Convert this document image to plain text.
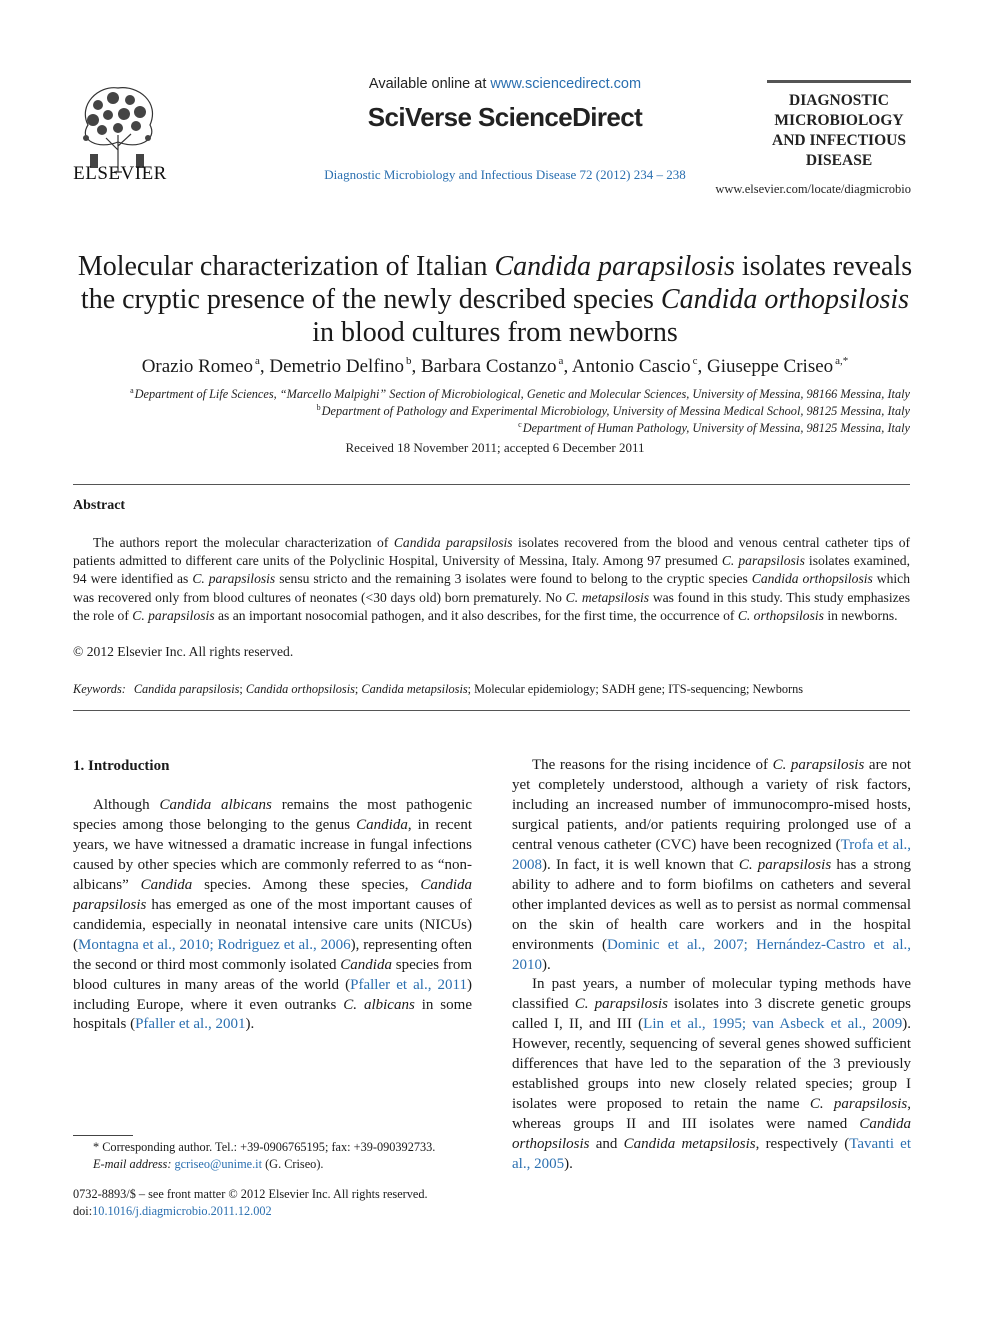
ELSEVIER
Available online at www.sciencedirect.com
SciVerse ScienceDirect
Diagnostic Microbiology and Infectious Disease 72 (2012) 234 – 238
DIAGNOSTIC
MICROBIOLOGY
AND INFECTIOUS
DISEASE
www.elsevier.com/locate/diagmicrobio
Molecular characterization of Italian Candida parapsilosis isolates reveals the cryptic presence of the newly described species Candida orthopsilosis in blood cultures from newborns
Orazio Romeo $^a$, Demetrio Delfino $^b$, Barbara Costanzo $^a$, Antonio Cascio $^c$, Giuseppe Criseo $^{a,*}$
$^a$Department of Life Sciences, “Marcello Malpighi” Section of Microbiological, Genetic and Molecular Sciences, University of Messina, 98166 Messina, Italy
$^b$Department of Pathology and Experimental Microbiology, University of Messina Medical School, 98125 Messina, Italy
$^c$Department of Human Pathology, University of Messina, 98125 Messina, Italy
Received 18 November 2011; accepted 6 December 2011
Abstract
The authors report the molecular characterization of Candida parapsilosis isolates recovered from the blood and venous central catheter tips of patients admitted to different care units of the Polyclinic Hospital, University of Messina, Italy. Among 97 presumed C. parapsilosis isolates examined, 94 were identified as C. parapsilosis sensu stricto and the remaining 3 isolates were found to belong to the cryptic species Candida orthopsilosis which was recovered only from blood cultures of neonates (<30 days old) born prematurely. No C. metapsilosis was found in this study. This study emphasizes the role of C. parapsilosis as an important nosocomial pathogen, and it also describes, for the first time, the occurrence of C. orthopsilosis in newborns.
© 2012 Elsevier Inc. All rights reserved.
Keywords: Candida parapsilosis; Candida orthopsilosis; Candida metapsilosis; Molecular epidemiology; SADH gene; ITS-sequencing; Newborns
1. Introduction

Although Candida albicans remains the most pathogenic species among those belonging to the genus Candida, in recent years, we have witnessed a dramatic increase in fungal infections caused by other species which are commonly referred to as “non-albicans” Candida species. Among these species, Candida parapsilosis has emerged as one of the most important causes of candidemia, especially in neonatal intensive care units (NICUs) (Montagna et al., 2010; Rodriguez et al., 2006), representing often the second or third most commonly isolated Candida species from blood cultures in many areas of the world (Pfaller et al., 2011) including Europe, where it even outranks C. albicans in some hospitals (Pfaller et al., 2001).

The reasons for the rising incidence of C. parapsilosis are not yet completely understood, although a variety of risk factors, including an increased number of immunocompro-mised hosts, surgical patients, and/or patients requiring prolonged use of a central venous catheter (CVC) have been recognized (Trofa et al., 2008). In fact, it is well known that C. parapsilosis has a strong ability to adhere and to form biofilms on catheters and several other implanted devices as well as to persist as normal commensal on the skin of health care workers and in the hospital environments (Dominic et al., 2007; Hernández-Castro et al., 2010).

In past years, a number of molecular typing methods have classified C. parapsilosis isolates into 3 discrete genetic groups called I, II, and III (Lin et al., 1995; van Asbeck et al., 2009). However, recently, sequencing of several genes showed sufficient differences that have led to the separation of the 3 previously established groups into new closely related species; group I isolates were proposed to retain the name C. parapsilosis, whereas groups II and III isolates were named Candida orthopsilosis and Candida metapsilosis, respectively (Tavanti et al., 2005).

* Corresponding author. Tel.: +39-0906765195; fax: +39-090392733.
E-mail address: gcriseo@unime.it (G. Criseo).
0732-8893/$ – see front matter © 2012 Elsevier Inc. All rights reserved.
doi:10.1016/j.diagmicrobio.2011.12.002
